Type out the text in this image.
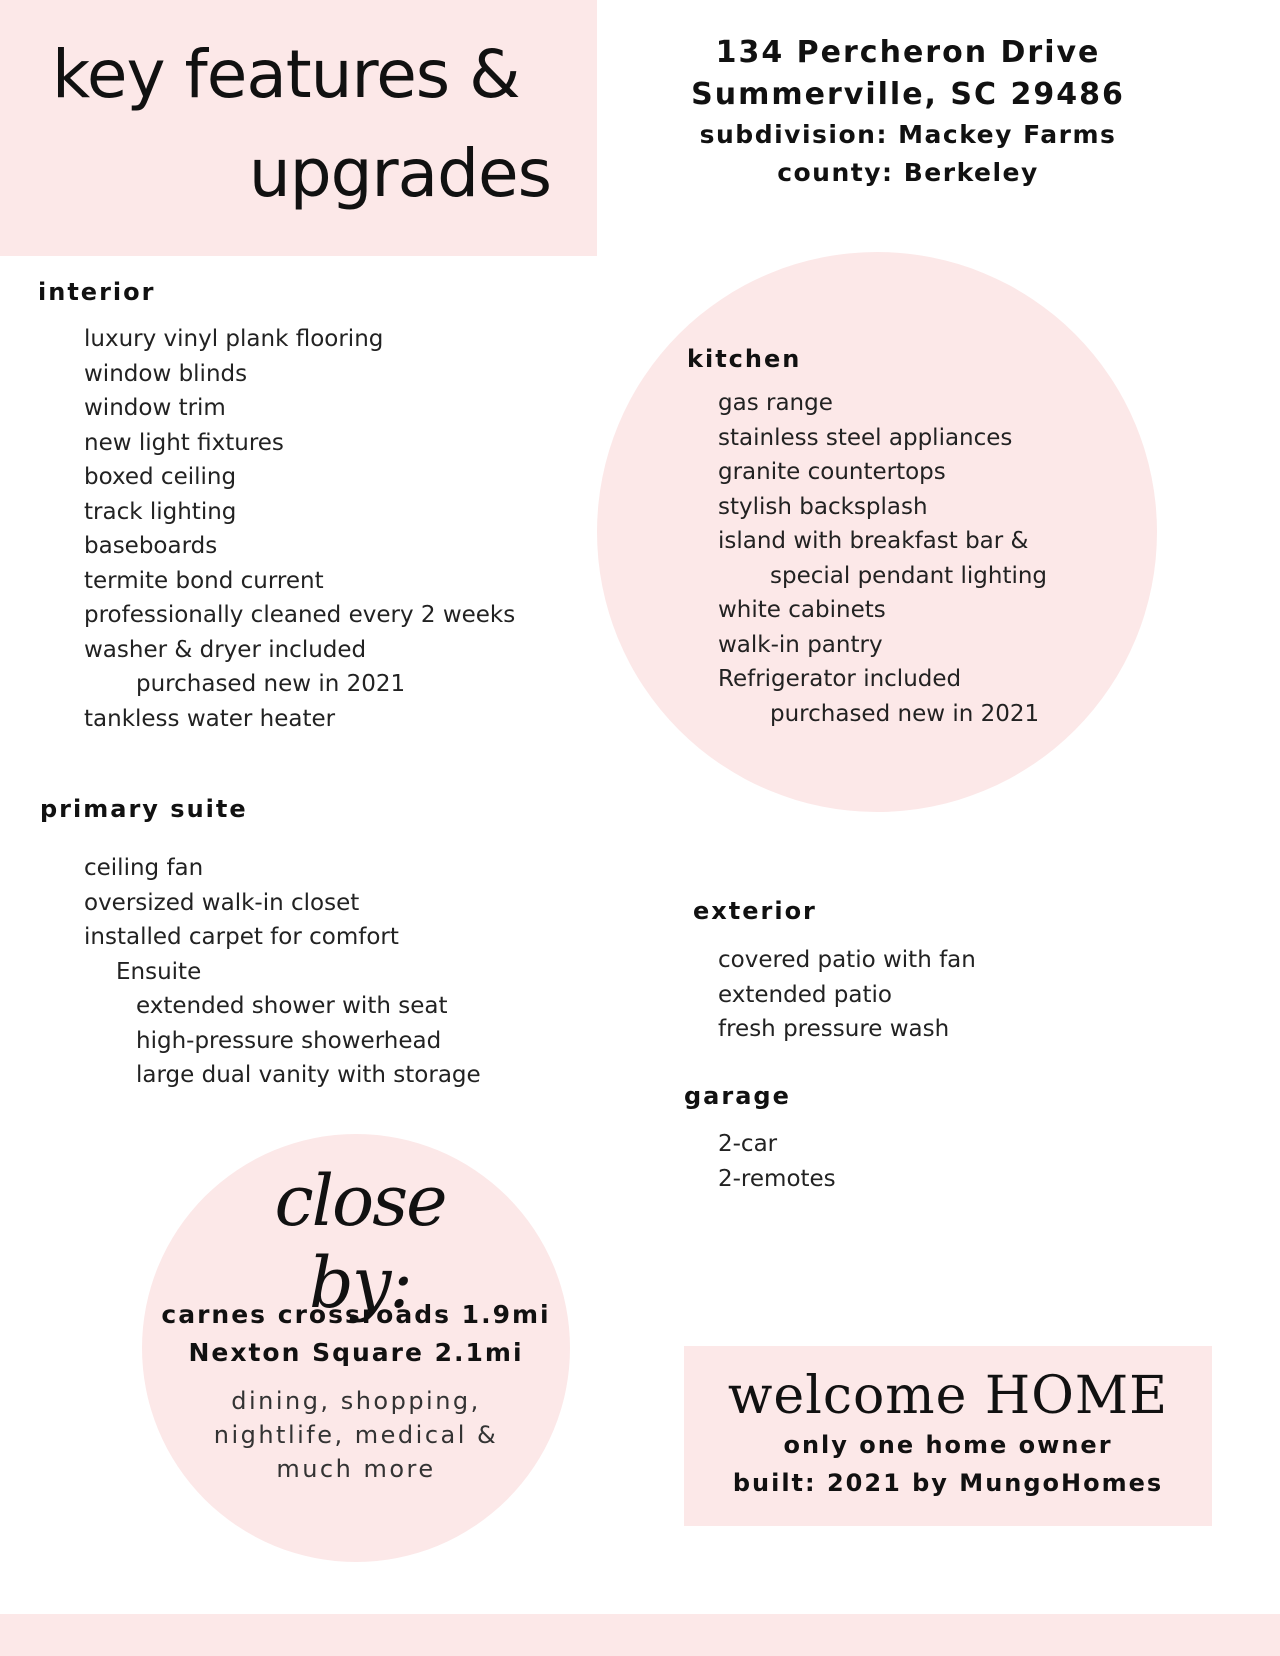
key features &
upgrades
134 Percheron Drive
Summerville, SC 29486
subdivision: Mackey Farms
county: Berkeley
interior
luxury vinyl plank flooring
window blinds
window trim
new light fixtures
boxed ceiling
track lighting
baseboards
termite bond current
professionally cleaned every 2 weeks
washer & dryer included
purchased new in 2021
tankless water heater
kitchen
gas range
stainless steel appliances
granite countertops
stylish backsplash
island with breakfast bar &
special pendant lighting
white cabinets
walk-in pantry
Refrigerator included
purchased new in 2021
primary suite
ceiling fan
oversized walk-in closet
installed carpet for comfort
Ensuite
extended shower with seat
high-pressure showerhead
large dual vanity with storage
exterior
covered patio with fan
extended patio
fresh pressure wash
garage
2-car
2-remotes
close by:
carnes crossroads 1.9mi
Nexton Square 2.1mi
dining, shopping,
nightlife, medical &
much more
welcome HOME
only one home owner
built: 2021 by MungoHomes
